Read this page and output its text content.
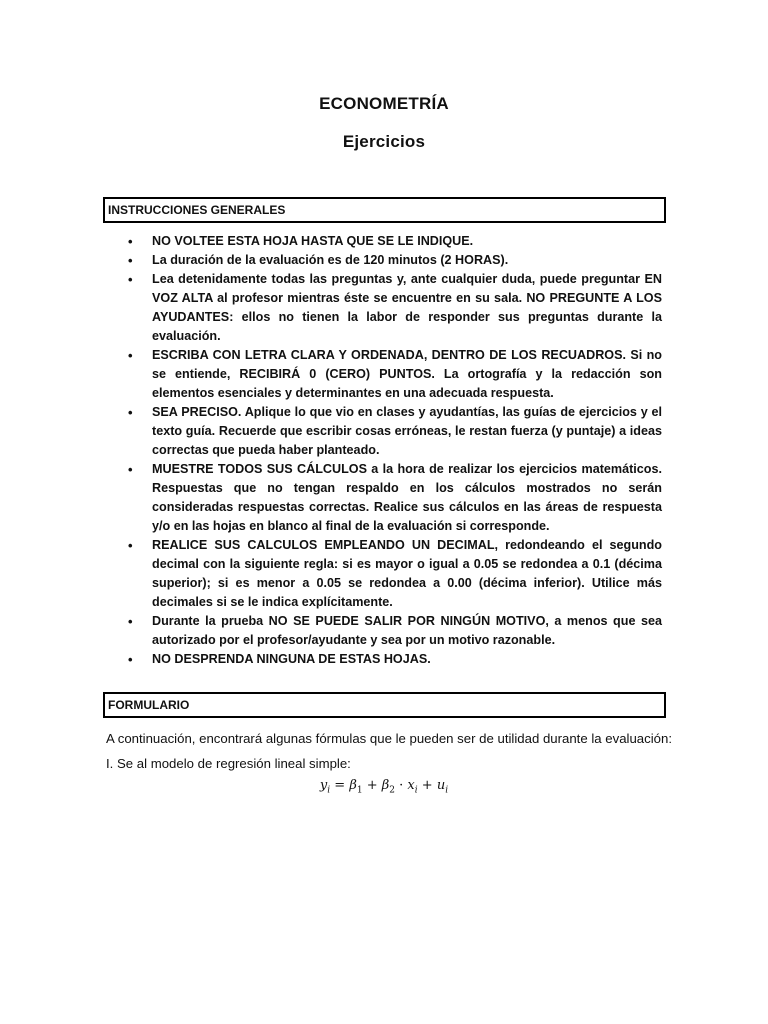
ECONOMETRÍA
Ejercicios
INSTRUCCIONES GENERALES
• NO VOLTEE ESTA HOJA HASTA QUE SE LE INDIQUE.
• La duración de la evaluación es de 120 minutos (2 HORAS).
• Lea detenidamente todas las preguntas y, ante cualquier duda, puede preguntar EN VOZ ALTA al profesor mientras éste se encuentre en su sala. NO PREGUNTE A LOS AYUDANTES: ellos no tienen la labor de responder sus preguntas durante la evaluación.
• ESCRIBA CON LETRA CLARA Y ORDENADA, DENTRO DE LOS RECUADROS. Si no se entiende, RECIBIRÁ 0 (CERO) PUNTOS. La ortografía y la redacción son elementos esenciales y determinantes en una adecuada respuesta.
• SEA PRECISO. Aplique lo que vio en clases y ayudantías, las guías de ejercicios y el texto guía. Recuerde que escribir cosas erróneas, le restan fuerza (y puntaje) a ideas correctas que pueda haber planteado.
• MUESTRE TODOS SUS CÁLCULOS a la hora de realizar los ejercicios matemáticos. Respuestas que no tengan respaldo en los cálculos mostrados no serán consideradas respuestas correctas. Realice sus cálculos en las áreas de respuesta y/o en las hojas en blanco al final de la evaluación si corresponde.
• REALICE SUS CALCULOS EMPLEANDO UN DECIMAL, redondeando el segundo decimal con la siguiente regla: si es mayor o igual a 0.05 se redondea a 0.1 (décima superior); si es menor a 0.05 se redondea a 0.00 (décima inferior). Utilice más decimales si se le indica explícitamente.
• Durante la prueba NO SE PUEDE SALIR POR NINGÚN MOTIVO, a menos que sea autorizado por el profesor/ayudante y sea por un motivo razonable.
• NO DESPRENDA NINGUNA DE ESTAS HOJAS.
FORMULARIO
A continuación, encontrará algunas fórmulas que le pueden ser de utilidad durante la evaluación:
I. Se al modelo de regresión lineal simple:
$y_i = \beta_1 + \beta_2 \cdot x_i + u_i$
